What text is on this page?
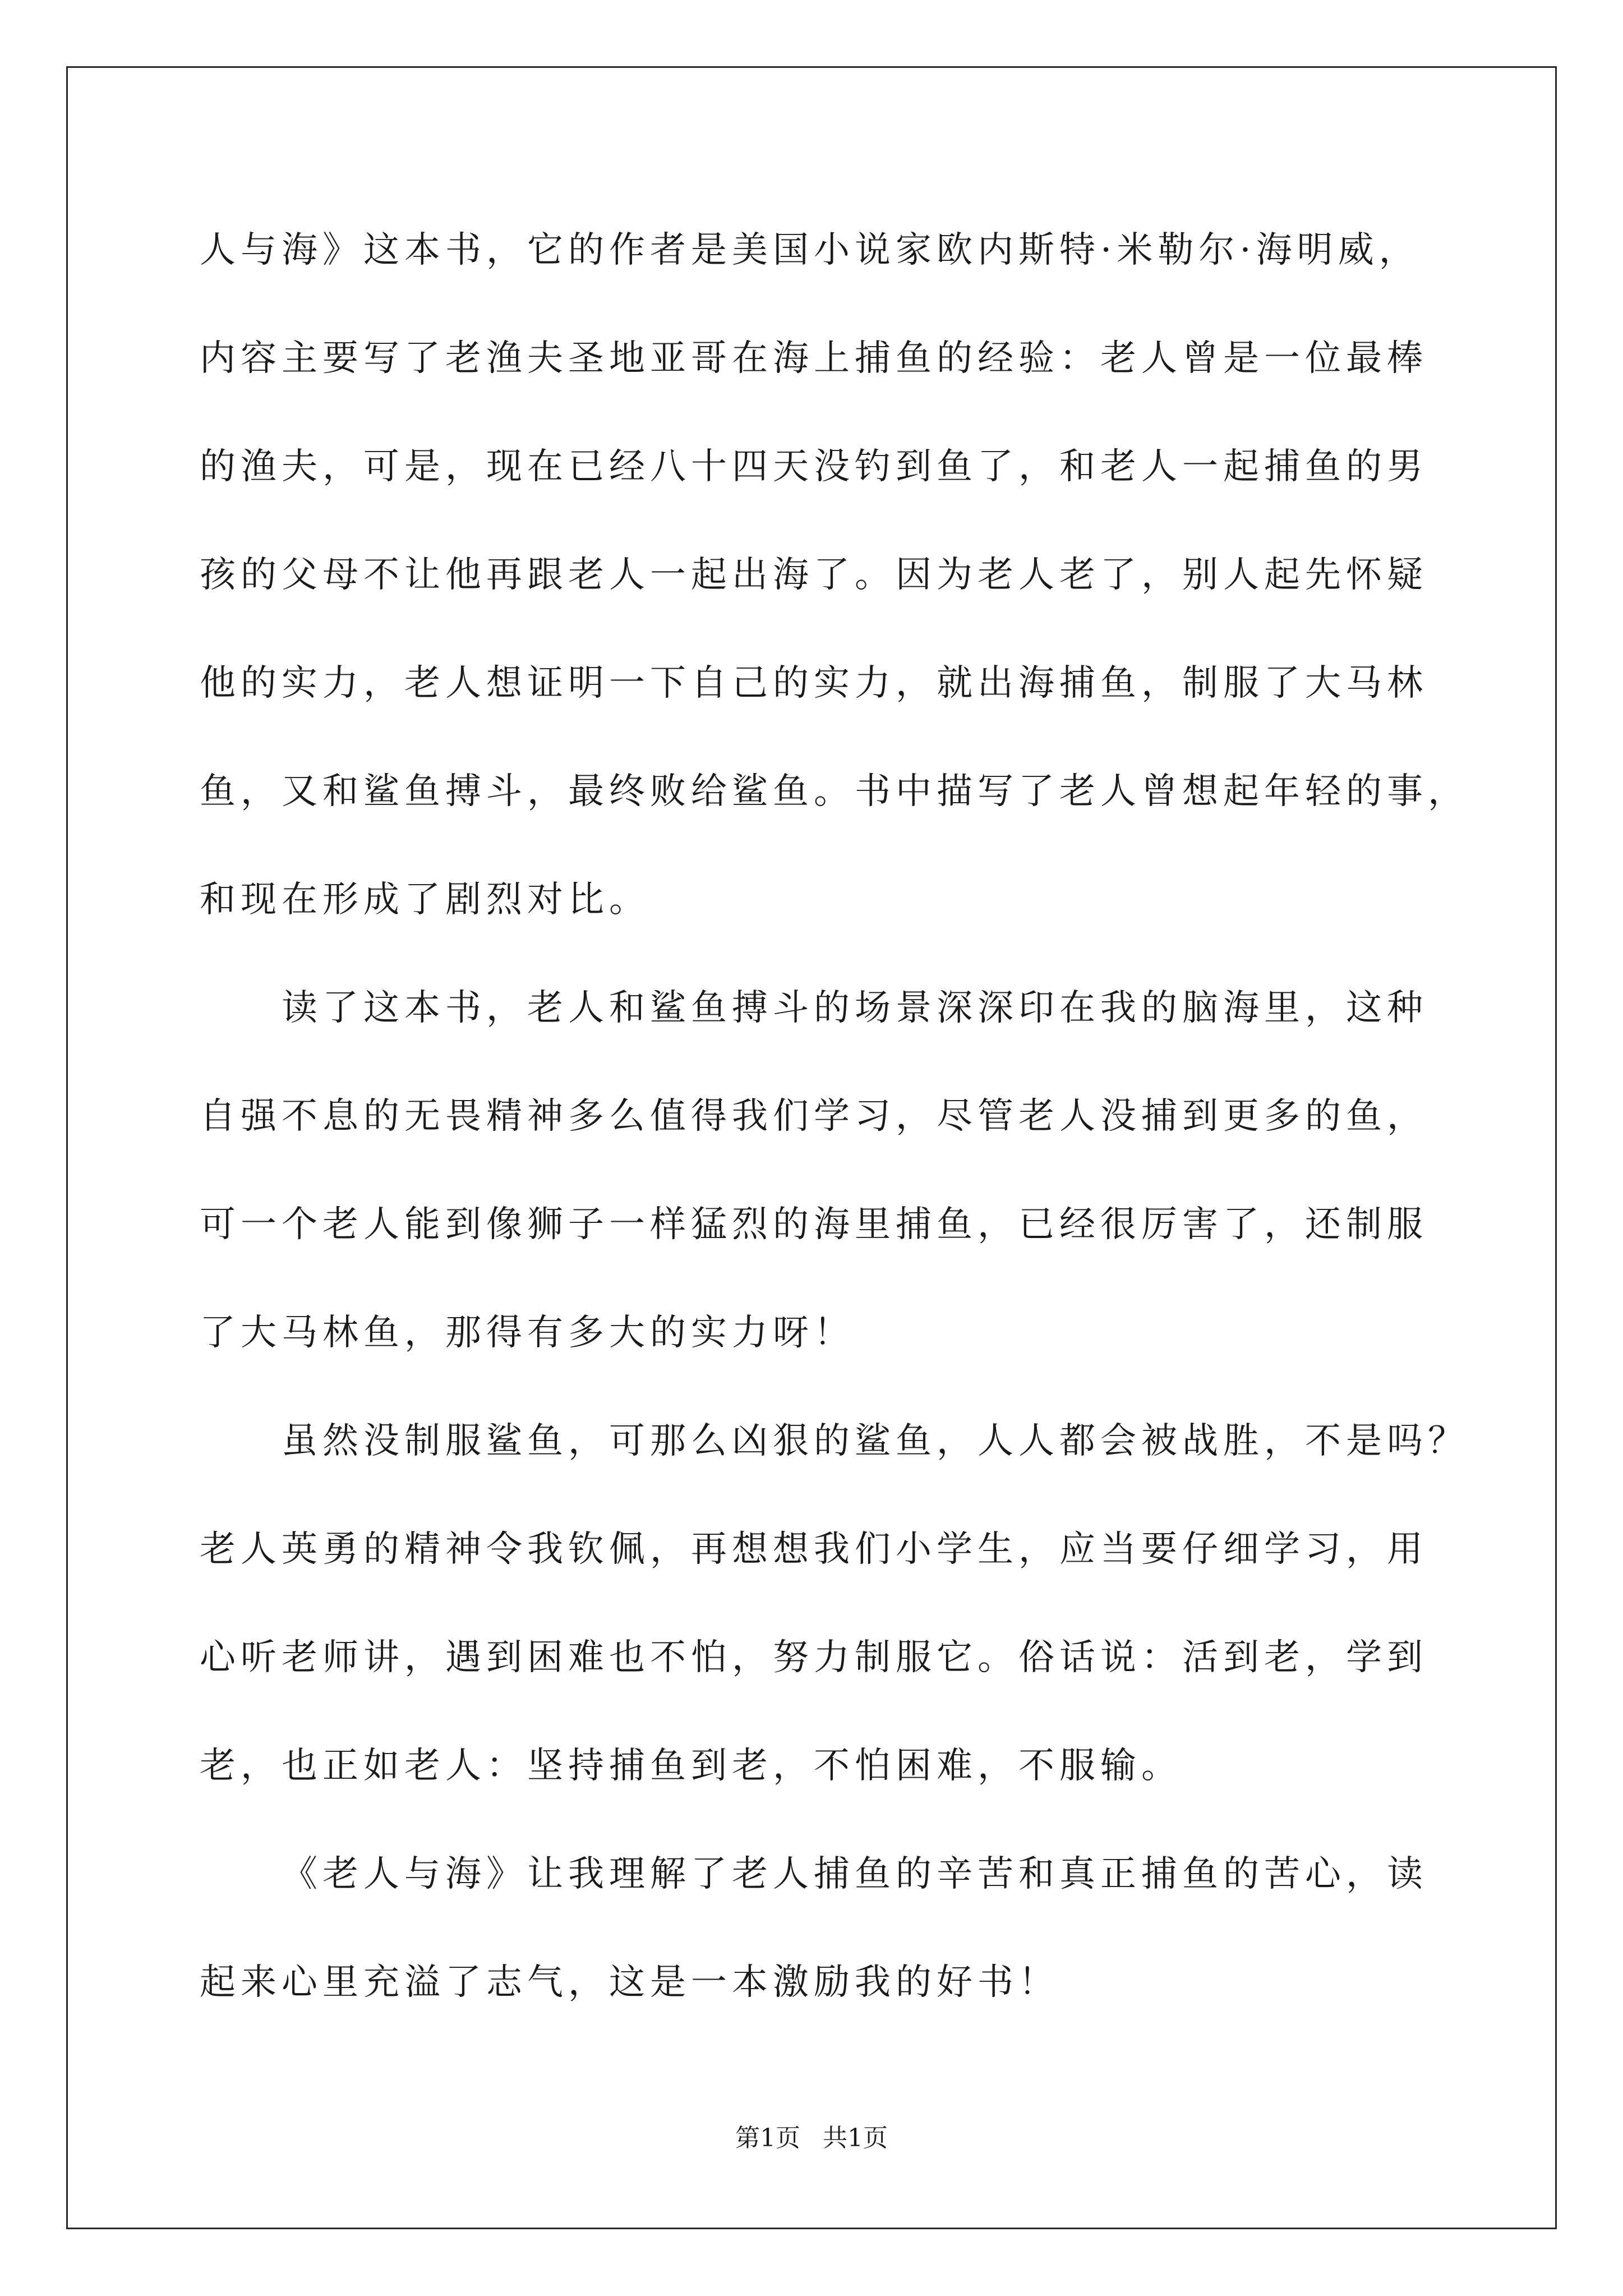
人与海》这本书，它的作者是美国小说家欧内斯特·米勒尔·海明威，
内容主要写了老渔夫圣地亚哥在海上捕鱼的经验：老人曾是一位最棒
的渔夫，可是，现在已经八十四天没钓到鱼了，和老人一起捕鱼的男
孩的父母不让他再跟老人一起出海了。因为老人老了，别人起先怀疑
他的实力，老人想证明一下自己的实力，就出海捕鱼，制服了大马林
鱼，又和鲨鱼搏斗，最终败给鲨鱼。书中描写了老人曾想起年轻的事，
和现在形成了剧烈对比。
读了这本书，老人和鲨鱼搏斗的场景深深印在我的脑海里，这种
自强不息的无畏精神多么值得我们学习，尽管老人没捕到更多的鱼，
可一个老人能到像狮子一样猛烈的海里捕鱼，已经很厉害了，还制服
了大马林鱼，那得有多大的实力呀！
虽然没制服鲨鱼，可那么凶狠的鲨鱼，人人都会被战胜，不是吗？
老人英勇的精神令我钦佩，再想想我们小学生，应当要仔细学习，用
心听老师讲，遇到困难也不怕，努力制服它。俗话说：活到老，学到
老，也正如老人：坚持捕鱼到老，不怕困难，不服输。
《老人与海》让我理解了老人捕鱼的辛苦和真正捕鱼的苦心，读
起来心里充溢了志气，这是一本激励我的好书！
第1页 共1页
